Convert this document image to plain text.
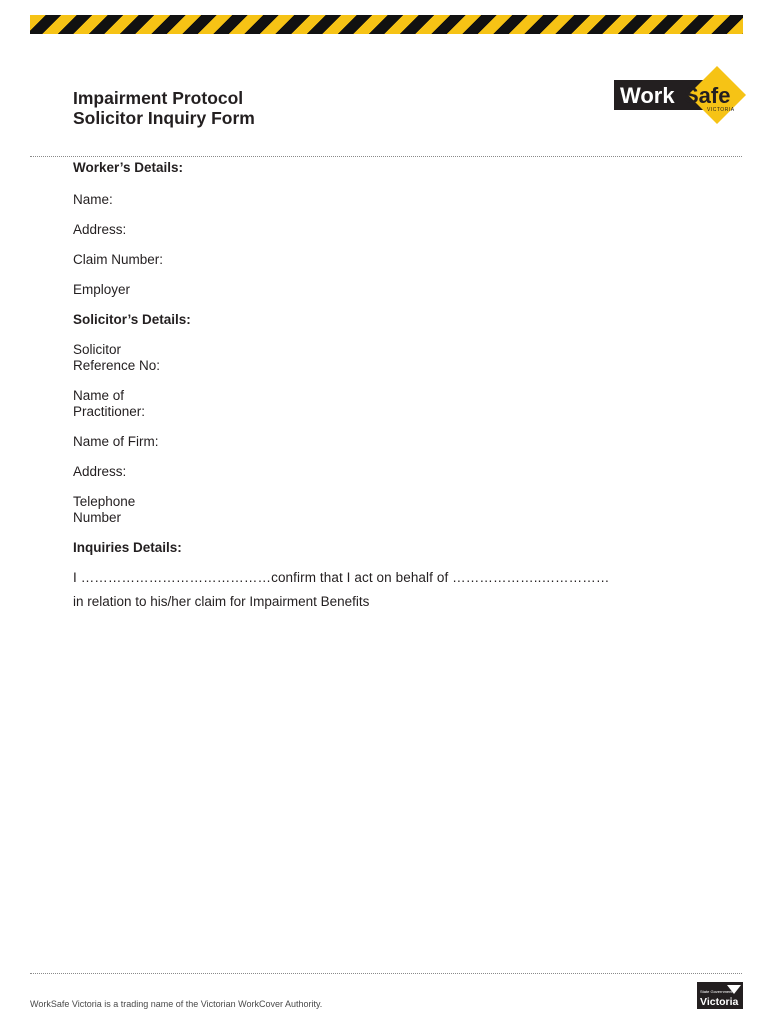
Impairment Protocol
Solicitor Inquiry Form
Work Safe
VICTORIA

Worker’s Details:

Name:
Address:
Claim Number:
Employer

Solicitor’s Details:

Solicitor
Reference No:
Name of
Practitioner:
Name of Firm:
Address:
Telephone
Number

Inquiries Details:

I ……………………………………confirm that I act on behalf of ………………..……………
in relation to his/her claim for Impairment Benefits
WorkSafe Victoria is a trading name of the Victorian WorkCover Authority.
State Government
Victoria
